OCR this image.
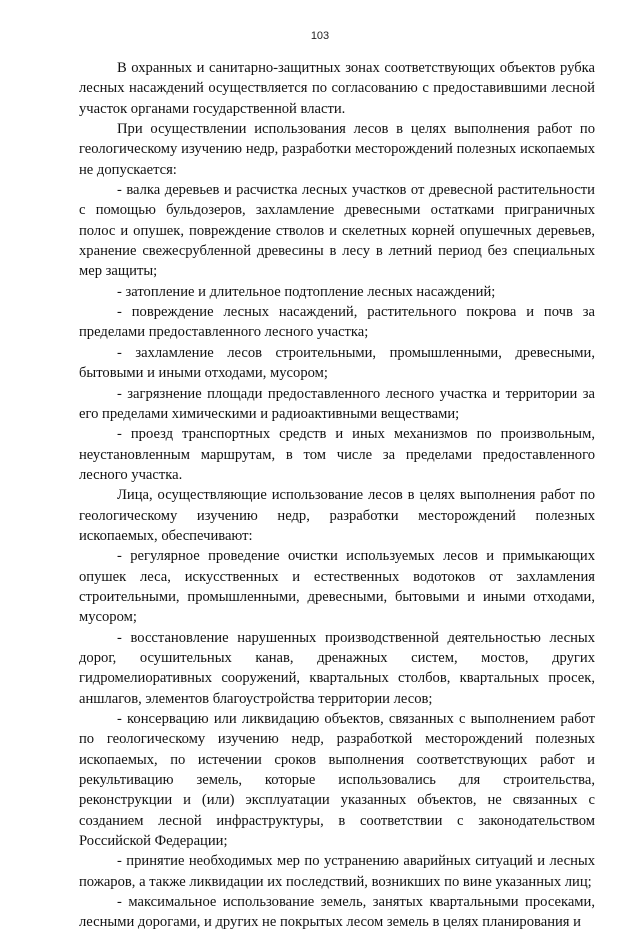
103

В охранных и санитарно-защитных зонах соответствующих объектов рубка лесных насаждений осуществляется по согласованию с предоставившими лесной участок органами государственной власти.

При осуществлении использования лесов в целях выполнения работ по геологическому изучению недр, разработки месторождений полезных ископаемых не допускается:

- валка деревьев и расчистка лесных участков от древесной растительности с помощью бульдозеров, захламление древесными остатками приграничных полос и опушек, повреждение стволов и скелетных корней опушечных деревьев, хранение свежесрубленной древесины в лесу в летний период без специальных мер защиты;

- затопление и длительное подтопление лесных насаждений;

- повреждение лесных насаждений, растительного покрова и почв за пределами предоставленного лесного участка;

- захламление лесов строительными, промышленными, древесными, бытовыми и иными отходами, мусором;

- загрязнение площади предоставленного лесного участка и территории за его пределами химическими и радиоактивными веществами;

- проезд транспортных средств и иных механизмов по произвольным, неустановленным маршрутам, в том числе за пределами предоставленного лесного участка.

Лица, осуществляющие использование лесов в целях выполнения работ по геологическому изучению недр, разработки месторождений полезных ископаемых, обеспечивают:

- регулярное проведение очистки используемых лесов и примыкающих опушек леса, искусственных и естественных водотоков от захламления строительными, промышленными, древесными, бытовыми и иными отходами, мусором;

- восстановление нарушенных производственной деятельностью лесных дорог, осушительных канав, дренажных систем, мостов, других гидромелиоративных сооружений, квартальных столбов, квартальных просек, аншлагов, элементов благоустройства территории лесов;

- консервацию или ликвидацию объектов, связанных с выполнением работ по геологическому изучению недр, разработкой месторождений полезных ископаемых, по истечении сроков выполнения соответствующих работ и рекультивацию земель, которые использовались для строительства, реконструкции и (или) эксплуатации указанных объектов, не связанных с созданием лесной инфраструктуры, в соответствии с законодательством Российской Федерации;

- принятие необходимых мер по устранению аварийных ситуаций и лесных пожаров, а также ликвидации их последствий, возникших по вине указанных лиц;

- максимальное использование земель, занятых квартальными просеками, лесными дорогами, и других не покрытых лесом земель в целях планирования и
